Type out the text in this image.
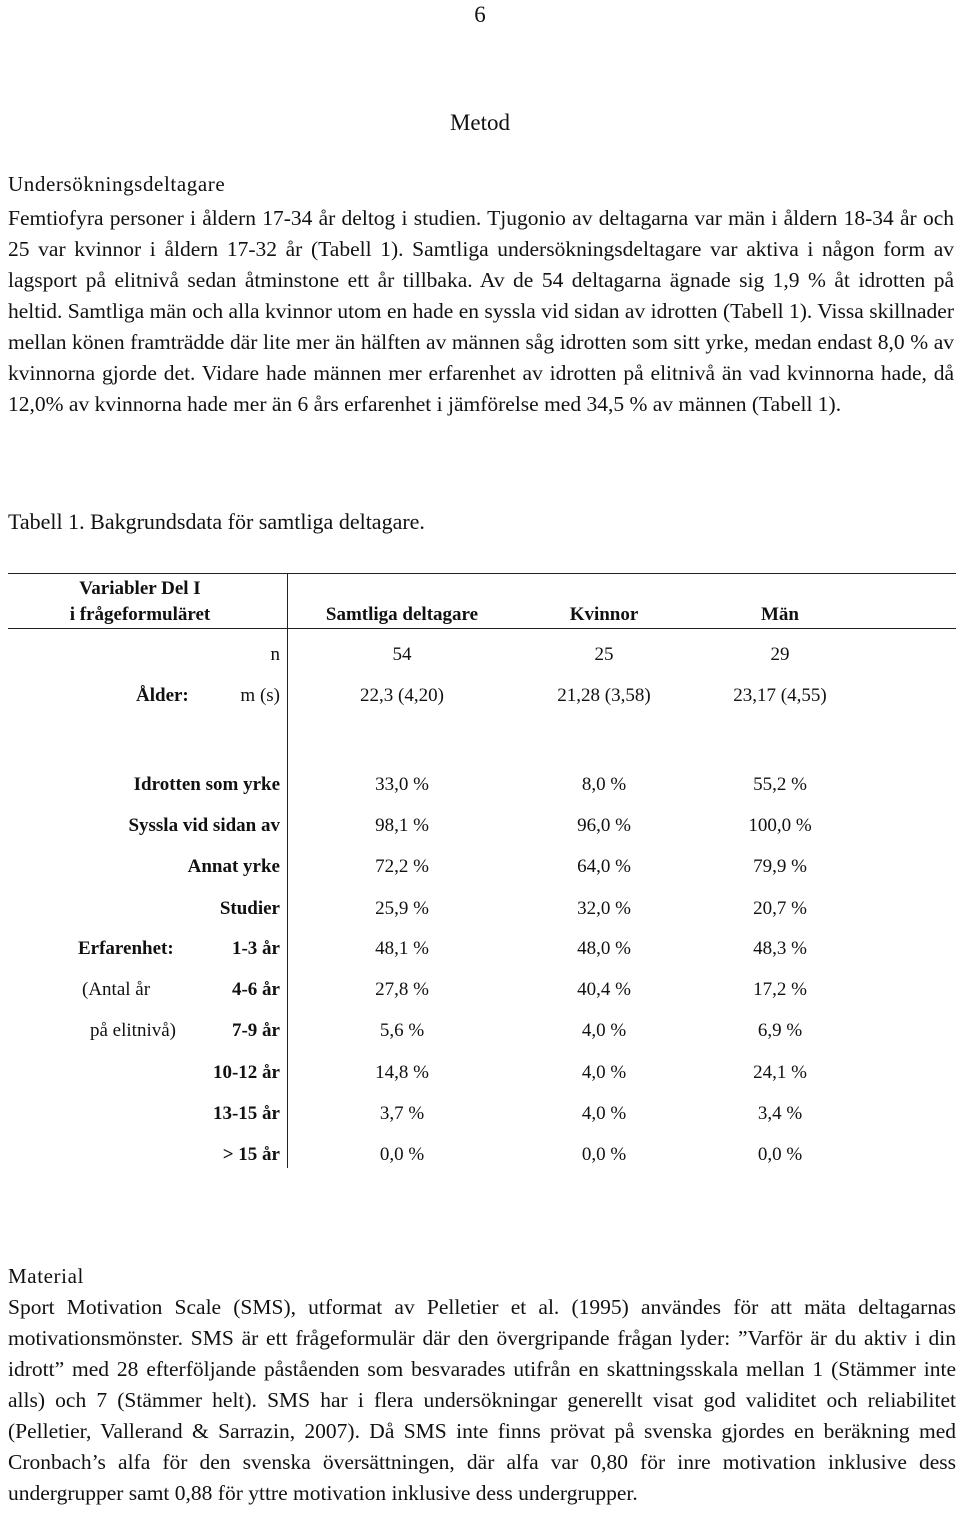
6
Metod
Undersökningsdeltagare
Femtiofyra personer i åldern 17-34 år deltog i studien. Tjugonio av deltagarna var män i åldern 18-34 år och 25 var kvinnor i åldern 17-32 år (Tabell 1). Samtliga undersökningsdeltagare var aktiva i någon form av lagsport på elitnivå sedan åtminstone ett år tillbaka. Av de 54 deltagarna ägnade sig 1,9 % åt idrotten på heltid. Samtliga män och alla kvinnor utom en hade en syssla vid sidan av idrotten (Tabell 1). Vissa skillnader mellan könen framträdde där lite mer än hälften av männen såg idrotten som sitt yrke, medan endast 8,0 % av kvinnorna gjorde det. Vidare hade männen mer erfarenhet av idrotten på elitnivå än vad kvinnorna hade, då 12,0% av kvinnorna hade mer än 6 års erfarenhet i jämförelse med 34,5 % av männen (Tabell 1).
Tabell 1. Bakgrundsdata för samtliga deltagare.
Variabler Del I
i frågeformuläret	Samtliga deltagare	Kvinnor	Män
n	54	25	29
Ålder:	m (s)	22,3 (4,20)	21,28 (3,58)	23,17 (4,55)
Idrotten som yrke	33,0 %	8,0 %	55,2 %
Syssla vid sidan av	98,1 %	96,0 %	100,0 %
Annat yrke	72,2 %	64,0 %	79,9 %
Studier	25,9 %	32,0 %	20,7 %
Erfarenhet:
(Antal år
på elitnivå)
1-3 år	48,1 %	48,0 %	48,3 %
4-6 år	27,8 %	40,4 %	17,2 %
7-9 år	5,6 %	4,0 %	6,9 %
10-12 år	14,8 %	4,0 %	24,1 %
13-15 år	3,7 %	4,0 %	3,4 %
> 15 år	0,0 %	0,0 %	0,0 %
Material
Sport Motivation Scale (SMS), utformat av Pelletier et al. (1995) användes för att mäta deltagarnas motivationsmönster. SMS är ett frågeformulär där den övergripande frågan lyder: ”Varför är du aktiv i din idrott” med 28 efterföljande påståenden som besvarades utifrån en skattningsskala mellan 1 (Stämmer inte alls) och 7 (Stämmer helt). SMS har i flera undersökningar generellt visat god validitet och reliabilitet (Pelletier, Vallerand & Sarrazin, 2007). Då SMS inte finns prövat på svenska gjordes en beräkning med Cronbach’s alfa för den svenska översättningen, där alfa var 0,80 för inre motivation inklusive dess undergrupper samt 0,88 för yttre motivation inklusive dess undergrupper.
